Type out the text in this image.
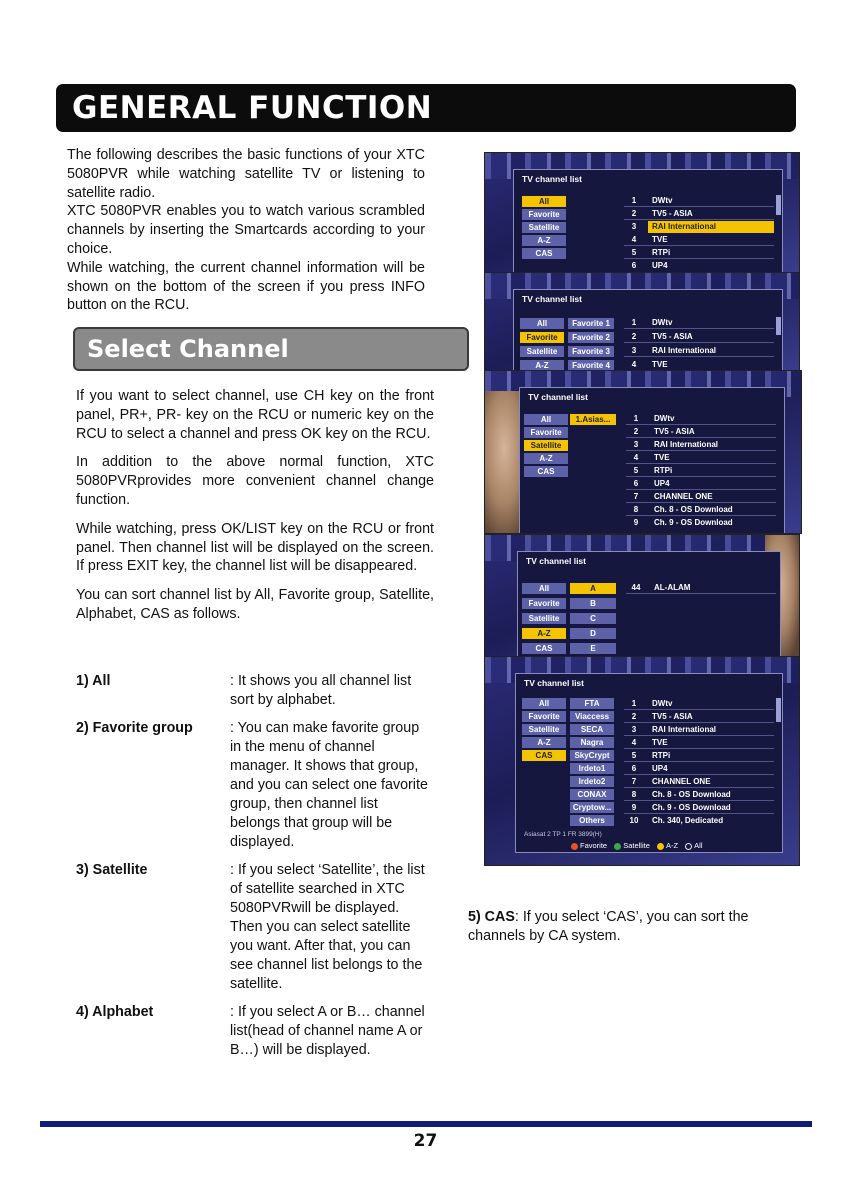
GENERAL FUNCTION

The following describes the basic functions of your XTC 5080PVR while watching satellite TV or listening to satellite radio.

XTC 5080PVR enables you to watch various scrambled channels by inserting the Smartcards according to your choice.

While watching, the current channel information will be shown on the bottom of the screen if you press INFO button on the RCU.

Select Channel

If you want to select channel, use CH key on the front panel, PR+, PR- key on the RCU or numeric key on the RCU to select a channel and press OK key on the RCU.

In addition to the above normal function, XTC 5080PVRprovides more convenient channel change function.

While watching, press OK/LIST key on the RCU or front panel. Then channel list will be displayed on the screen. If press EXIT key, the channel list will be disappeared.

You can sort channel list by All, Favorite group, Satellite, Alphabet, CAS as follows.

1) All	: It shows you all channel list sort by alphabet.
2) Favorite group	: You can make favorite group in the menu of channel manager. It shows that group, and you can select one favorite group, then channel list belongs that group will be displayed.
3) Satellite	: If you select ‘Satellite’, the list of satellite searched in XTC 5080PVRwill be displayed. Then you can select satellite you want. After that, you can see channel list belongs to the satellite.
4) Alphabet	: If you select A or B… channel list(head of channel name A or B…) will be displayed.
5) CAS: If you select ‘CAS’, you can sort the channels by CA system.
TV channel list
All
Favorite
Satellite
A-Z
CAS
1	DWtv
2	TV5 - ASIA
3	RAI International
4	TVE
5	RTPi
6	UP4
TV channel list
All
Favorite
Satellite
A-Z
Favorite 1
Favorite 2
Favorite 3
Favorite 4
1	DWtv
2	TV5 - ASIA
3	RAI International
4	TVE
TV channel list
All
Favorite
Satellite
A-Z
CAS
1.Asias...	1	DWtv
2	TV5 - ASIA
3	RAI International
4	TVE
5	RTPi
6	UP4
7	CHANNEL ONE
8	Ch. 8 - OS Download
9	Ch. 9 - OS Download
TV channel list
All
Favorite
Satellite
A-Z
CAS
A
B
C
D
E
44	AL-ALAM
TV channel list
All
Favorite
Satellite
A-Z
CAS
FTA
Viaccess
SECA
Nagra
SkyCrypt
Irdeto1
Irdeto2
CONAX
Cryptow...
Others
1	DWtv
2	TV5 - ASIA
3	RAI International
4	TVE
5	RTPi
6	UP4
7	CHANNEL ONE
8	Ch. 8 - OS Download
9	Ch. 9 - OS Download
10	Ch. 340, Dedicated
Asiasat 2 TP 1 FR 3899(H)
Favorite Satellite A-Z All
27
